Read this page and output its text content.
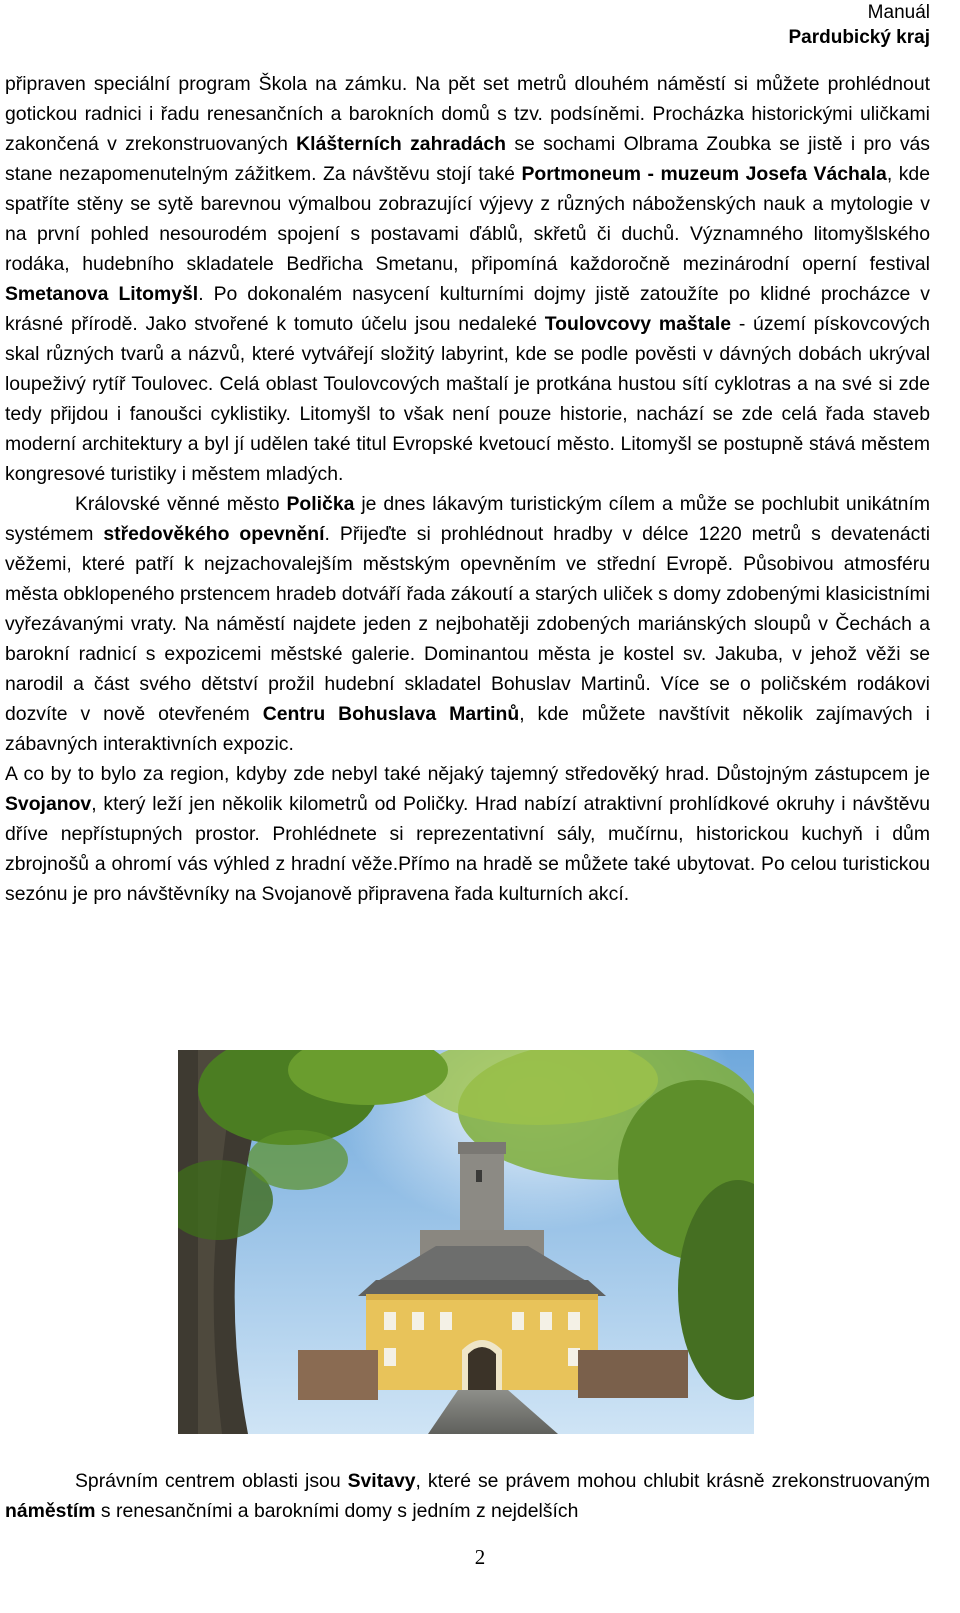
Manuál
Pardubický kraj

připraven speciální program Škola na zámku. Na pět set metrů dlouhém náměstí si můžete prohlédnout gotickou radnici i řadu renesančních a barokních domů s tzv. podsíněmi. Procházka historickými uličkami zakončená v zrekonstruovaných Klášterních zahradách se sochami Olbrama Zoubka se jistě i pro vás stane nezapomenutelným zážitkem. Za návštěvu stojí také Portmoneum - muzeum Josefa Váchala, kde spatříte stěny se sytě barevnou výmalbou zobrazující výjevy z různých náboženských nauk a mytologie v na první pohled nesourodém spojení s postavami ďáblů, skřetů či duchů. Významného litomyšlského rodáka, hudebního skladatele Bedřicha Smetanu, připomíná každoročně mezinárodní operní festival Smetanova Litomyšl. Po dokonalém nasycení kulturními dojmy jistě zatoužíte po klidné procházce v krásné přírodě. Jako stvořené k tomuto účelu jsou nedaleké Toulovcovy maštale - území pískovcových skal různých tvarů a názvů, které vytvářejí složitý labyrint, kde se podle pověsti v dávných dobách ukrýval loupeživý rytíř Toulovec. Celá oblast Toulovcových maštalí je protkána hustou sítí cyklotras a na své si zde tedy přijdou i fanoušci cyklistiky. Litomyšl to však není pouze historie, nachází se zde celá řada staveb moderní architektury a byl jí udělen také titul Evropské kvetoucí město. Litomyšl se postupně stává městem kongresové turistiky i městem mladých.

Královské věnné město Polička je dnes lákavým turistickým cílem a může se pochlubit unikátním systémem středověkého opevnění. Přijeďte si prohlédnout hradby v délce 1220 metrů s devatenácti věžemi, které patří k nejzachovalejším městským opevněním ve střední Evropě. Působivou atmosféru města obklopeného prstencem hradeb dotváří řada zákoutí a starých uliček s domy zdobenými klasicistními vyřezávanými vraty. Na náměstí najdete jeden z nejbohatěji zdobených mariánských sloupů v Čechách a barokní radnicí s expozicemi městské galerie. Dominantou města je kostel sv. Jakuba, v jehož věži se narodil a část svého dětství prožil hudební skladatel Bohuslav Martinů. Více se o poličském rodákovi dozvíte v nově otevřeném Centru Bohuslava Martinů, kde můžete navštívit několik zajímavých i zábavných interaktivních expozic.

A co by to bylo za region, kdyby zde nebyl také nějaký tajemný středověký hrad. Důstojným zástupcem je Svojanov, který leží jen několik kilometrů od Poličky. Hrad nabízí atraktivní prohlídkové okruhy i návštěvu dříve nepřístupných prostor. Prohlédnete si reprezentativní sály, mučírnu, historickou kuchyň i dům zbrojnošů a ohromí vás výhled z hradní věže.Přímo na hradě se můžete také ubytovat. Po celou turistickou sezónu je pro návštěvníky na Svojanově připravena řada kulturních akcí.

Správním centrem oblasti jsou Svitavy, které se právem mohou chlubit krásně zrekonstruovaným náměstím s renesančními a barokními domy s jedním z nejdelších

2
